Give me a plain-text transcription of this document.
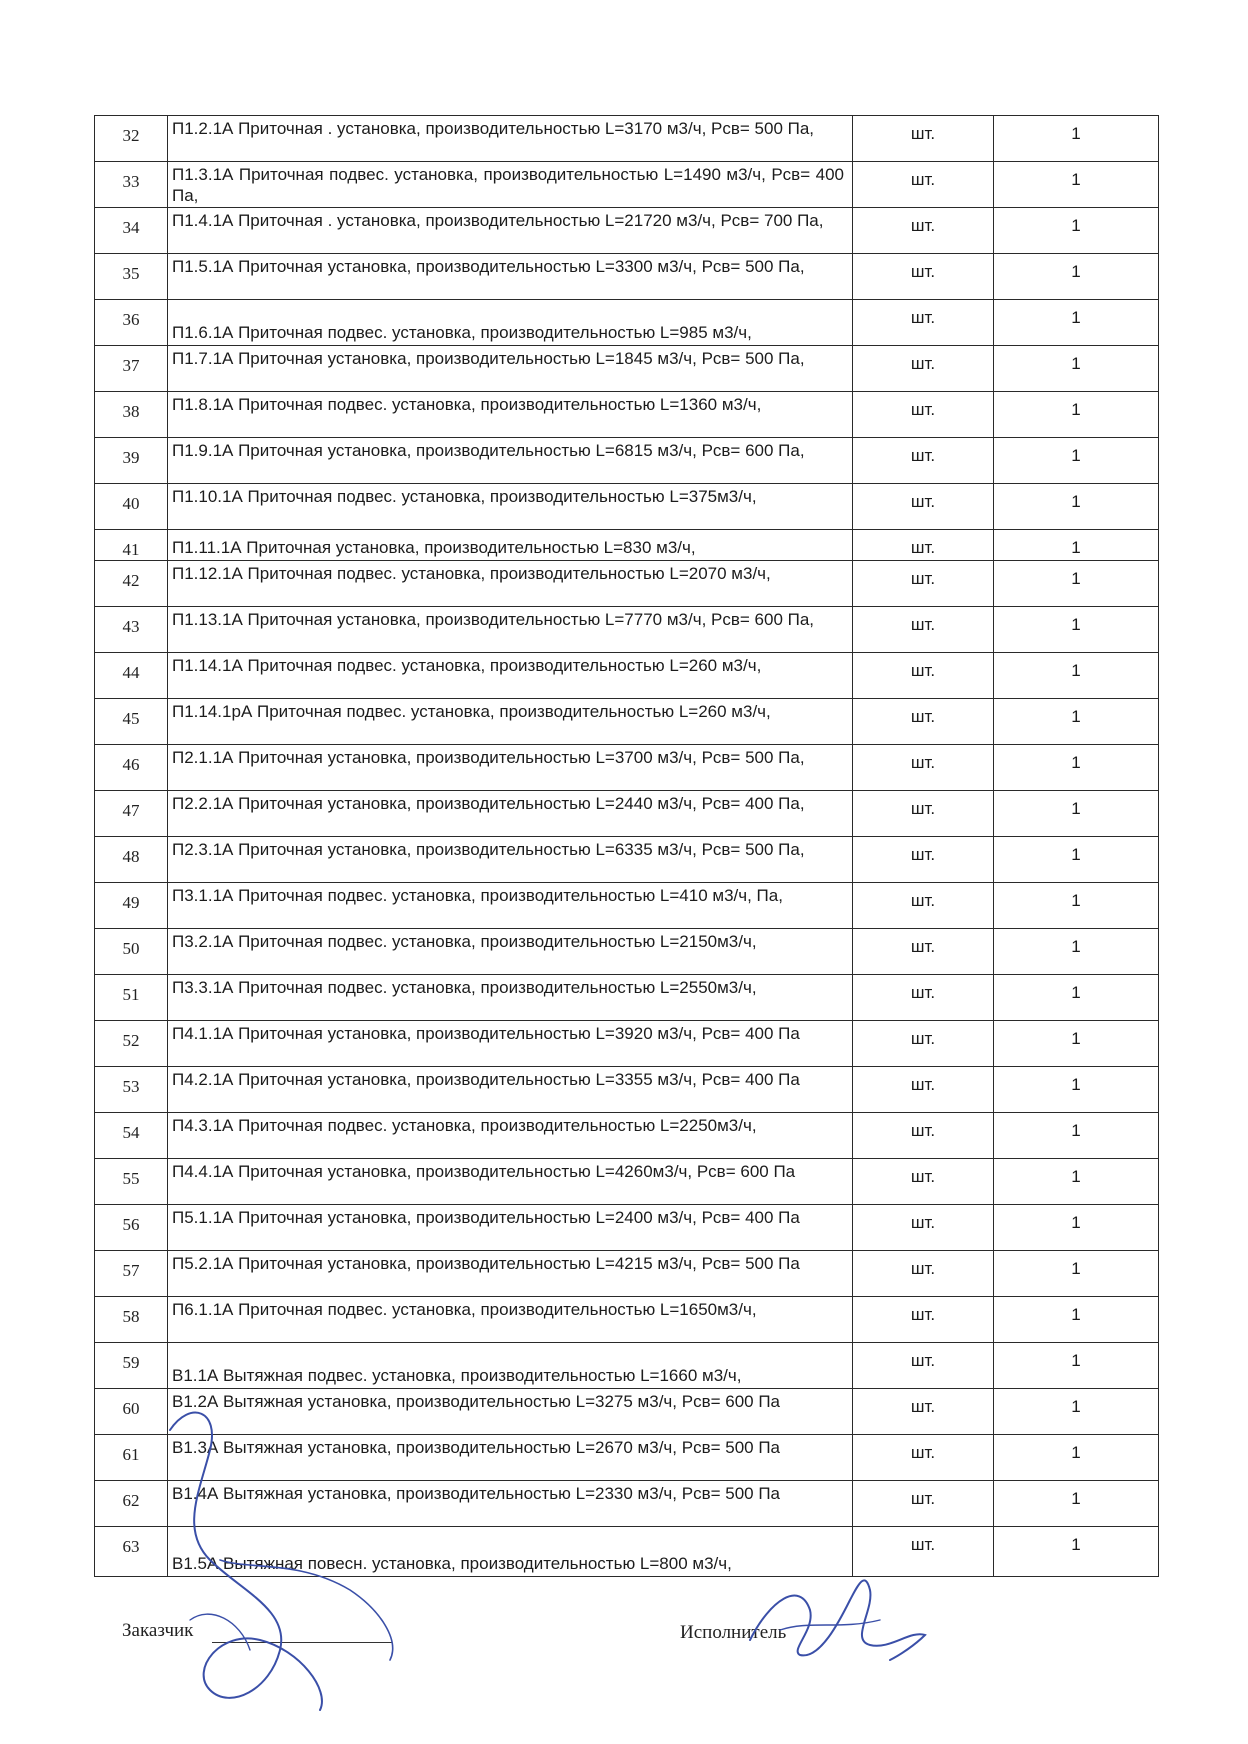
32	П1.2.1А Приточная . установка, производительностью L=3170 м3/ч, Рсв= 500 Па,	шт.	1
33	П1.3.1А Приточная подвес. установка, производительностью L=1490 м3/ч, Рсв= 400 Па,	шт.	1
34	П1.4.1А Приточная . установка, производительностью L=21720 м3/ч, Рсв= 700 Па,	шт.	1
35	П1.5.1А Приточная установка, производительностью L=3300 м3/ч, Рсв= 500 Па,	шт.	1
36	П1.6.1А Приточная подвес. установка, производительностью L=985 м3/ч,	шт.	1
37	П1.7.1А Приточная установка, производительностью L=1845 м3/ч, Рсв= 500 Па,	шт.	1
38	П1.8.1А Приточная подвес. установка, производительностью L=1360 м3/ч,	шт.	1
39	П1.9.1А Приточная установка, производительностью L=6815 м3/ч, Рсв= 600 Па,	шт.	1
40	П1.10.1А Приточная подвес. установка, производительностью L=375м3/ч,	шт.	1
41	П1.11.1А Приточная установка, производительностью L=830 м3/ч,	шт.	1
42	П1.12.1А Приточная подвес. установка, производительностью L=2070 м3/ч,	шт.	1
43	П1.13.1А Приточная установка, производительностью L=7770 м3/ч, Рсв= 600 Па,	шт.	1
44	П1.14.1А Приточная подвес. установка, производительностью L=260 м3/ч,	шт.	1
45	П1.14.1рА Приточная подвес. установка, производительностью L=260 м3/ч,	шт.	1
46	П2.1.1А Приточная установка, производительностью L=3700 м3/ч, Рсв= 500 Па,	шт.	1
47	П2.2.1А Приточная установка, производительностью L=2440 м3/ч, Рсв= 400 Па,	шт.	1
48	П2.3.1А Приточная установка, производительностью L=6335 м3/ч, Рсв= 500 Па,	шт.	1
49	П3.1.1А Приточная подвес. установка, производительностью L=410 м3/ч, Па,	шт.	1
50	П3.2.1А Приточная подвес. установка, производительностью L=2150м3/ч,	шт.	1
51	П3.3.1А Приточная подвес. установка, производительностью L=2550м3/ч,	шт.	1
52	П4.1.1А Приточная установка, производительностью L=3920 м3/ч, Рсв= 400 Па	шт.	1
53	П4.2.1А Приточная установка, производительностью L=3355 м3/ч, Рсв= 400 Па	шт.	1
54	П4.3.1А Приточная подвес. установка, производительностью L=2250м3/ч,	шт.	1
55	П4.4.1А Приточная установка, производительностью L=4260м3/ч, Рсв= 600 Па	шт.	1
56	П5.1.1А Приточная установка, производительностью L=2400 м3/ч, Рсв= 400 Па	шт.	1
57	П5.2.1А Приточная установка, производительностью L=4215 м3/ч, Рсв= 500 Па	шт.	1
58	П6.1.1А Приточная подвес. установка, производительностью L=1650м3/ч,	шт.	1
59	В1.1А Вытяжная подвес. установка, производительностью L=1660 м3/ч,	шт.	1
60	В1.2А Вытяжная установка, производительностью L=3275 м3/ч, Рсв= 600 Па	шт.	1
61	В1.3А Вытяжная установка, производительностью L=2670 м3/ч, Рсв= 500 Па	шт.	1
62	В1.4А Вытяжная установка, производительностью L=2330 м3/ч, Рсв= 500 Па	шт.	1
63	В1.5А Вытяжная повесн. установка, производительностью L=800 м3/ч,	шт.	1
Заказчик	Исполнитель
